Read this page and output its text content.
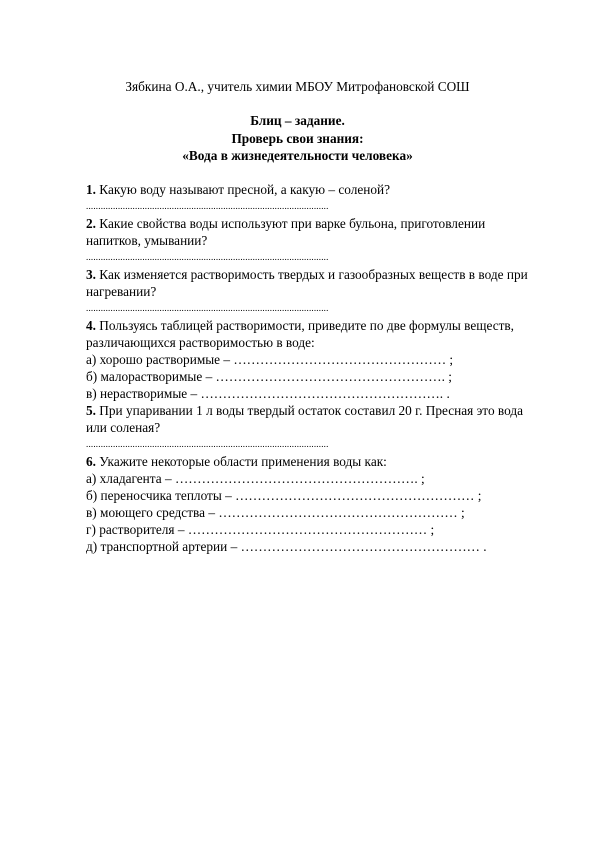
Зябкина О.А., учитель химии МБОУ Митрофановской СОШ
Блиц – задание.
Проверь свои знания:
«Вода в жизнедеятельности человека»
1. Какую воду называют пресной, а какую – соленой?
...................................................................................................
2. Какие свойства воды используют при варке бульона, приготовлении
напитков, умывании?
...................................................................................................
3. Как изменяется растворимость твердых и газообразных веществ в воде при
нагревании?
...................................................................................................
4. Пользуясь таблицей растворимости, приведите по две формулы веществ,
различающихся растворимостью в воде:
а) хорошо растворимые – ………………………………………… ;
б) малорастворимые – ……………………………………………. ;
в) нерастворимые – ………………………………………………. .
5. При упаривании 1 л воды твердый остаток составил 20 г. Пресная это вода
или соленая?
...................................................................................................
6. Укажите некоторые области применения воды как:
а) хладагента – ………………………………………………. ;
б) переносчика теплоты – ……………………………………………… ;
в) моющего средства – ……………………………………………… ;
г) растворителя – ……………………………………………… ;
д) транспортной артерии – ……………………………………………… .
